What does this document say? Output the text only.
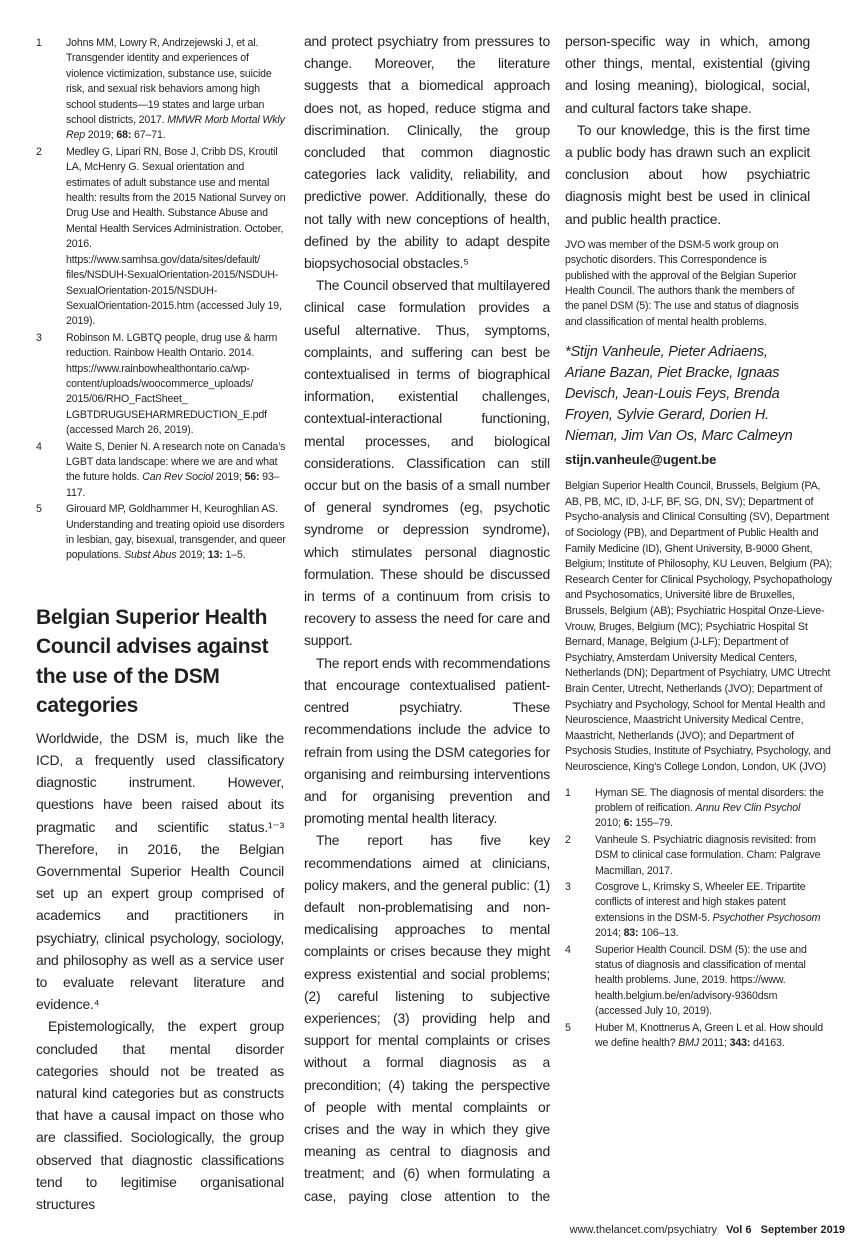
1	Johns MM, Lowry R, Andrzejewski J, et al. Transgender identity and experiences of violence victimization, substance use, suicide risk, and sexual risk behaviors among high school students—19 states and large urban school districts, 2017. MMWR Morb Mortal Wkly Rep 2019; 68: 67–71.
2	Medley G, Lipari RN, Bose J, Cribb DS, Kroutil LA, McHenry G. Sexual orientation and estimates of adult substance use and mental health: results from the 2015 National Survey on Drug Use and Health. Substance Abuse and Mental Health Services Administration. October, 2016. https://www.samhsa.gov/data/sites/default/ files/NSDUH-SexualOrientation-2015/NSDUH-SexualOrientation-2015/NSDUH-SexualOrientation-2015.htm (accessed July 19, 2019).
3	Robinson M. LGBTQ people, drug use & harm reduction. Rainbow Health Ontario. 2014. https://www.rainbowhealthontario.ca/wp-content/uploads/woocommerce_uploads/ 2015/06/RHO_FactSheet_ LGBTDRUGUSEHARMREDUCTION_E.pdf (accessed March 26, 2019).
4	Waite S, Denier N. A research note on Canada’s LGBT data landscape: where we are and what the future holds. Can Rev Sociol 2019; 56: 93–117.
5	Girouard MP, Goldhammer H, Keuroghlian AS. Understanding and treating opioid use disorders in lesbian, gay, bisexual, transgender, and queer populations. Subst Abus 2019; 13: 1–5.
Belgian Superior Health Council advises against the use of the DSM categories

Worldwide, the DSM is, much like the ICD, a frequently used classificatory diagnostic instrument. However, questions have been raised about its pragmatic and scientific status.¹⁻³ Therefore, in 2016, the Belgian Governmental Superior Health Council set up an expert group comprised of academics and practitioners in psychiatry, clinical psychology, sociology, and philosophy as well as a service user to evaluate relevant literature and evidence.⁴

Epistemologically, the expert group concluded that mental disorder categories should not be treated as natural kind categories but as constructs that have a causal impact on those who are classified. Sociologically, the group observed that diagnostic classifications tend to legitimise organisational structures

and protect psychiatry from pressures to change. Moreover, the literature suggests that a biomedical approach does not, as hoped, reduce stigma and discrimination. Clinically, the group concluded that common diagnostic categories lack validity, reliability, and predictive power. Additionally, these do not tally with new conceptions of health, defined by the ability to adapt despite biopsychosocial obstacles.⁵

The Council observed that multilayered clinical case formulation provides a useful alternative. Thus, symptoms, complaints, and suffering can best be contextualised in terms of biographical information, existential challenges, contextual-interactional functioning, mental processes, and biological considerations. Classification can still occur but on the basis of a small number of general syndromes (eg, psychotic syndrome or depression syndrome), which stimulates personal diagnostic formulation. These should be discussed in terms of a continuum from crisis to recovery to assess the need for care and support.

The report ends with recommendations that encourage contextualised patient-centred psychiatry. These recommendations include the advice to refrain from using the DSM categories for organising and reimbursing interventions and for organising prevention and promoting mental health literacy.

The report has five key recommendations aimed at clinicians, policy makers, and the general public: (1) default non-problematising and non-medicalising approaches to mental complaints or crises because they might express existential and social problems; (2) careful listening to subjective experiences; (3) providing help and support for mental complaints or crises without a formal diagnosis as a precondition; (4) taking the perspective of people with mental complaints or crises and the way in which they give meaning as central to diagnosis and treatment; and (6) when formulating a case, paying close attention to the

person-specific way in which, among other things, mental, existential (giving and losing meaning), biological, social, and cultural factors take shape.

To our knowledge, this is the first time a public body has drawn such an explicit conclusion about how psychiatric diagnosis might best be used in clinical and public health practice.

JVO was member of the DSM-5 work group on psychotic disorders. This Correspondence is published with the approval of the Belgian Superior Health Council. The authors thank the members of the panel DSM (5): The use and status of diagnosis and classification of mental health problems.
*Stijn Vanheule, Pieter Adriaens, Ariane Bazan, Piet Bracke, Ignaas Devisch, Jean-Louis Feys, Brenda Froyen, Sylvie Gerard, Dorien H. Nieman, Jim Van Os, Marc Calmeyn
stijn.vanheule@ugent.be
Belgian Superior Health Council, Brussels, Belgium (PA, AB, PB, MC, ID, J-LF, BF, SG, DN, SV); Department of Psycho-analysis and Clinical Consulting (SV), Department of Sociology (PB), and Department of Public Health and Family Medicine (ID), Ghent University, B-9000 Ghent, Belgium; Institute of Philosophy, KU Leuven, Belgium (PA); Research Center for Clinical Psychology, Psychopathology and Psychosomatics, Université libre de Bruxelles, Brussels, Belgium (AB); Psychiatric Hospital Onze-Lieve-Vrouw, Bruges, Belgium (MC); Psychiatric Hospital St Bernard, Manage, Belgium (J-LF); Department of Psychiatry, Amsterdam University Medical Centers, Netherlands (DN); Department of Psychiatry, UMC Utrecht Brain Center, Utrecht, Netherlands (JVO); Department of Psychiatry and Psychology, School for Mental Health and Neuroscience, Maastricht University Medical Centre, Maastricht, Netherlands (JVO); and Department of Psychosis Studies, Institute of Psychiatry, Psychology, and Neuroscience, King’s College London, London, UK (JVO)
1	Hyman SE. The diagnosis of mental disorders: the problem of reification. Annu Rev Clin Psychol 2010; 6: 155–79.
2	Vanheule S. Psychiatric diagnosis revisited: from DSM to clinical case formulation. Cham: Palgrave Macmillan, 2017.
3	Cosgrove L, Krimsky S, Wheeler EE. Tripartite conflicts of interest and high stakes patent extensions in the DSM-5. Psychother Psychosom 2014; 83: 106–13.
4	Superior Health Council. DSM (5): the use and status of diagnosis and classification of mental health problems. June, 2019. https://www. health.belgium.be/en/advisory-9360dsm (accessed July 10, 2019).
5	Huber M, Knottnerus A, Green L et al. How should we define health? BMJ 2011; 343: d4163.
www.thelancet.com/psychiatry Vol 6 September 2019
